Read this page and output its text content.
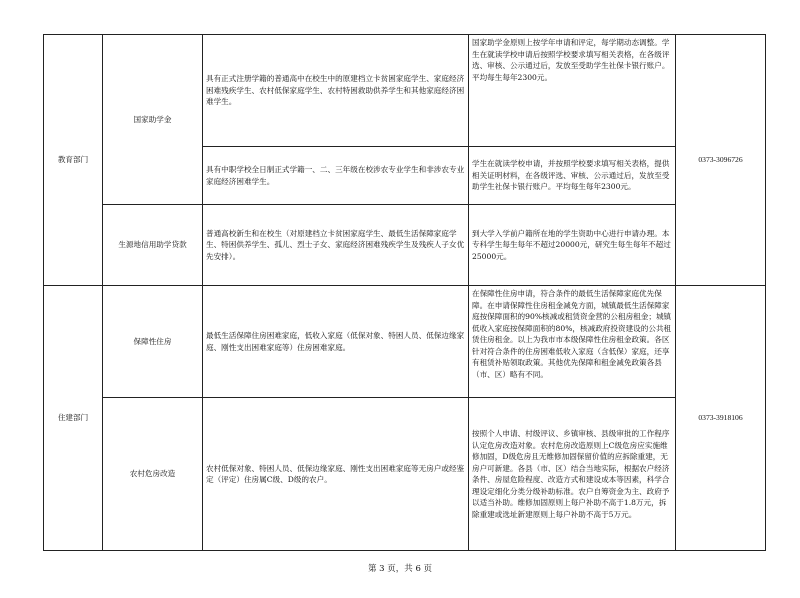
教育部门	国家助学金	具有正式注册学籍的普通高中在校生中的原建档立卡贫困家庭学生、家庭经济困难残疾学生、农村低保家庭学生、农村特困救助供养学生和其他家庭经济困难学生。	国家助学金原则上按学年申请和评定，每学期动态调整。学生在就读学校申请后按照学校要求填写相关表格，在各级评选、审核、公示通过后，发放至受助学生社保卡银行账户。平均每生每年2300元。	0373-3096726
		具有中职学校全日制正式学籍一、二、三年级在校涉农专业学生和非涉农专业家庭经济困难学生。	学生在就读学校申请，并按照学校要求填写相关表格，提供相关证明材料，在各级评选、审核、公示通过后，发放至受助学生社保卡银行账户。平均每生每年2300元。	
	生源地信用助学贷款	普通高校新生和在校生（对原建档立卡贫困家庭学生、最低生活保障家庭学生、特困供养学生、孤儿、烈士子女、家庭经济困难残疾学生及残疾人子女优先安排）。	到大学入学前户籍所在地的学生资助中心进行申请办理。本专科学生每生每年不超过20000元，研究生每生每年不超过25000元。	
住建部门	保障性住房	最低生活保障住房困难家庭，低收入家庭（低保对象、特困人员、低保边缘家庭、刚性支出困难家庭等）住房困难家庭。	在保障性住房申请，符合条件的最低生活保障家庭优先保障。在申请保障性住房租金减免方面，城镇最低生活保障家庭按保障面积的90%核减或租赁资金营的公租房租金；城镇低收入家庭按保障面积的80%，核减政府投资建设的公共租赁住房租金。以上为我市市本级保障性住房租金政策。各区针对符合条件的住房困难低收入家庭（含低保）家庭，还享有租赁补贴领取政策。其他优先保障和租金减免政策各县（市、区）略有不同。	0373-3918106
	农村危房改造	农村低保对象、特困人员、低保边缘家庭、刚性支出困难家庭等无房户或经鉴定（评定）住房属C级、D级的农户。	按照个人申请、村级评议、乡镇审核、县级审批的工作程序认定危房改造对象。农村危房改造原则上C级危房应实施维修加固，D级危房且无维修加固保留价值的应拆除重建，无房户可新建。各县（市、区）结合当地实际，根据农户经济条件、房屋危险程度、改造方式和建设成本等因素，科学合理设定细化分类分级补助标准。农户自筹资金为主、政府予以适当补助。维修加固原则上每户补助不高于1.8万元，拆除重建或选址新建原则上每户补助不高于5万元。	
第 3 页，共 6 页
